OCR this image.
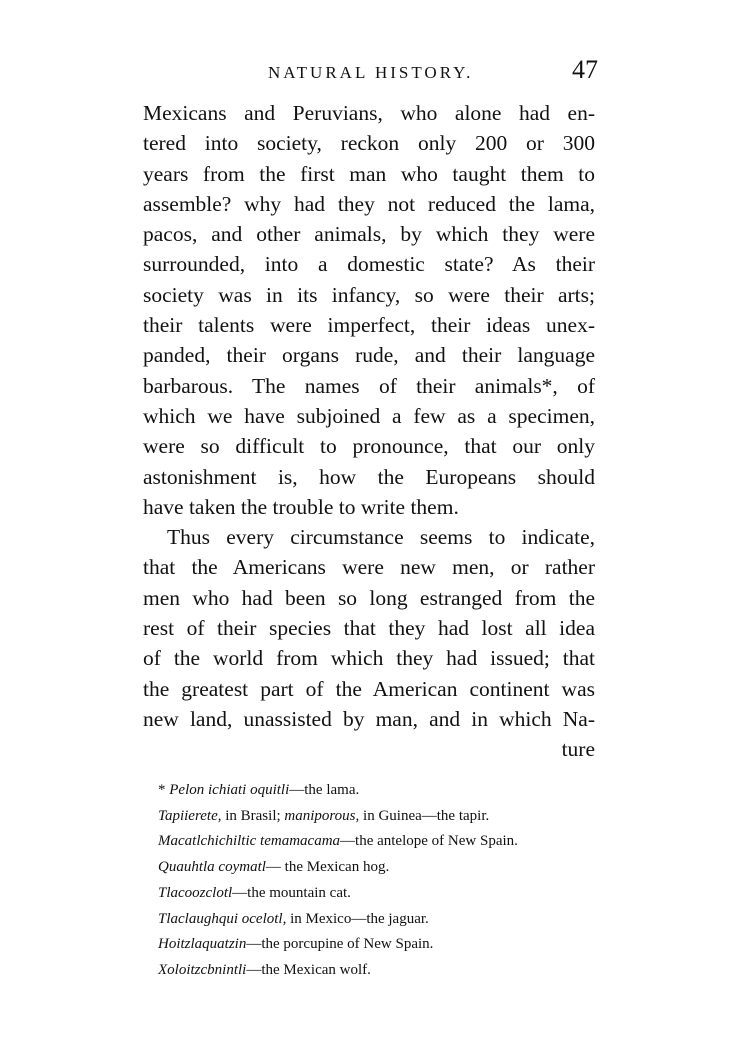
NATURAL HISTORY.	47
Mexicans and Peruvians, who alone had en-
tered into society, reckon only 200 or 300
years from the first man who taught them to
assemble? why had they not reduced the lama,
pacos, and other animals, by which they were
surrounded, into a domestic state? As their
society was in its infancy, so were their arts;
their talents were imperfect, their ideas unex-
panded, their organs rude, and their language
barbarous. The names of their animals*, of
which we have subjoined a few as a specimen,
were so difficult to pronounce, that our only
astonishment is, how the Europeans should
have taken the trouble to write them.
Thus every circumstance seems to indicate,
that the Americans were new men, or rather
men who had been so long estranged from the
rest of their species that they had lost all idea
of the world from which they had issued; that
the greatest part of the American continent was
new land, unassisted by man, and in which Na-
ture
* Pelon ichiati oquitli—the lama.
Tapiierete, in Brasil; maniporous, in Guinea—the tapir.
Macatlchichiltic temamacama—the antelope of New Spain.
Quauhtla coymatl— the Mexican hog.
Tlacoozclotl—the mountain cat.
Tlaclaughqui ocelotl, in Mexico—the jaguar.
Hoitzlaquatzin—the porcupine of New Spain.
Xoloitzcbnintli—the Mexican wolf.
